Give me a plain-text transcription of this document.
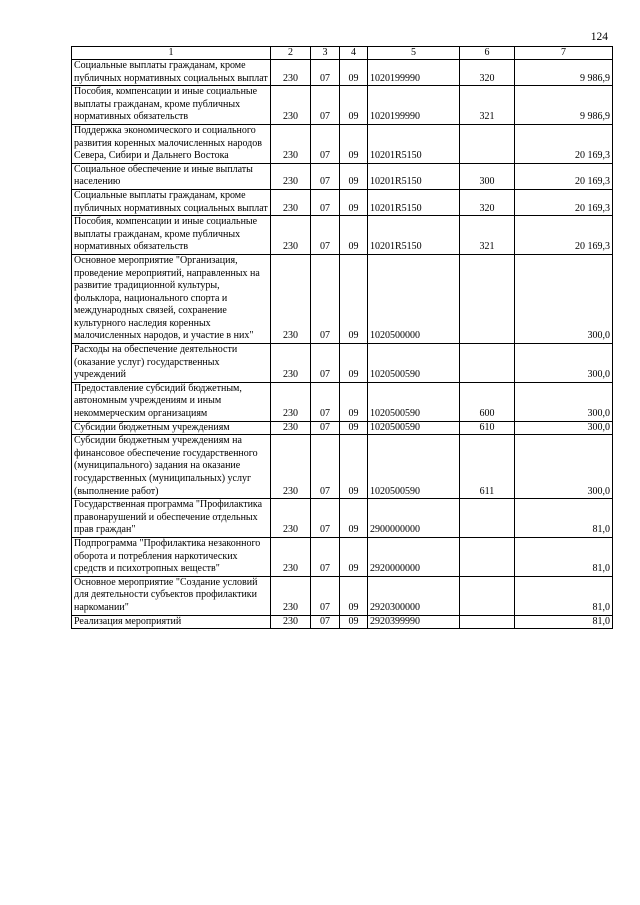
124
1	2	3	4	5	6	7
Социальные выплаты гражданам, кроме публичных нормативных социальных выплат	230	07	09	1020199990	320	9 986,9
Пособия, компенсации и иные социальные выплаты гражданам, кроме публичных нормативных обязательств	230	07	09	1020199990	321	9 986,9
Поддержка экономического и социального развития коренных малочисленных народов Севера, Сибири и Дальнего Востока	230	07	09	10201R5150		20 169,3
Социальное обеспечение и иные выплаты населению	230	07	09	10201R5150	300	20 169,3
Социальные выплаты гражданам, кроме публичных нормативных социальных выплат	230	07	09	10201R5150	320	20 169,3
Пособия, компенсации и иные социальные выплаты гражданам, кроме публичных нормативных обязательств	230	07	09	10201R5150	321	20 169,3
Основное мероприятие "Организация, проведение мероприятий, направленных на развитие традиционной культуры, фольклора, национального спорта и международных связей, сохранение культурного наследия коренных малочисленных народов, и участие в них"	230	07	09	1020500000		300,0
Расходы на обеспечение деятельности (оказание услуг) государственных учреждений	230	07	09	1020500590		300,0
Предоставление субсидий бюджетным, автономным учреждениям и иным некоммерческим организациям	230	07	09	1020500590	600	300,0
Субсидии бюджетным учреждениям	230	07	09	1020500590	610	300,0
Субсидии бюджетным учреждениям на финансовое обеспечение государственного (муниципального) задания на оказание государственных (муниципальных) услуг (выполнение работ)	230	07	09	1020500590	611	300,0
Государственная программа "Профилактика правонарушений и обеспечение отдельных прав граждан"	230	07	09	2900000000		81,0
Подпрограмма "Профилактика незаконного оборота и потребления наркотических средств и психотропных веществ"	230	07	09	2920000000		81,0
Основное мероприятие "Создание условий для деятельности субъектов профилактики наркомании"	230	07	09	2920300000		81,0
Реализация мероприятий	230	07	09	2920399990		81,0
